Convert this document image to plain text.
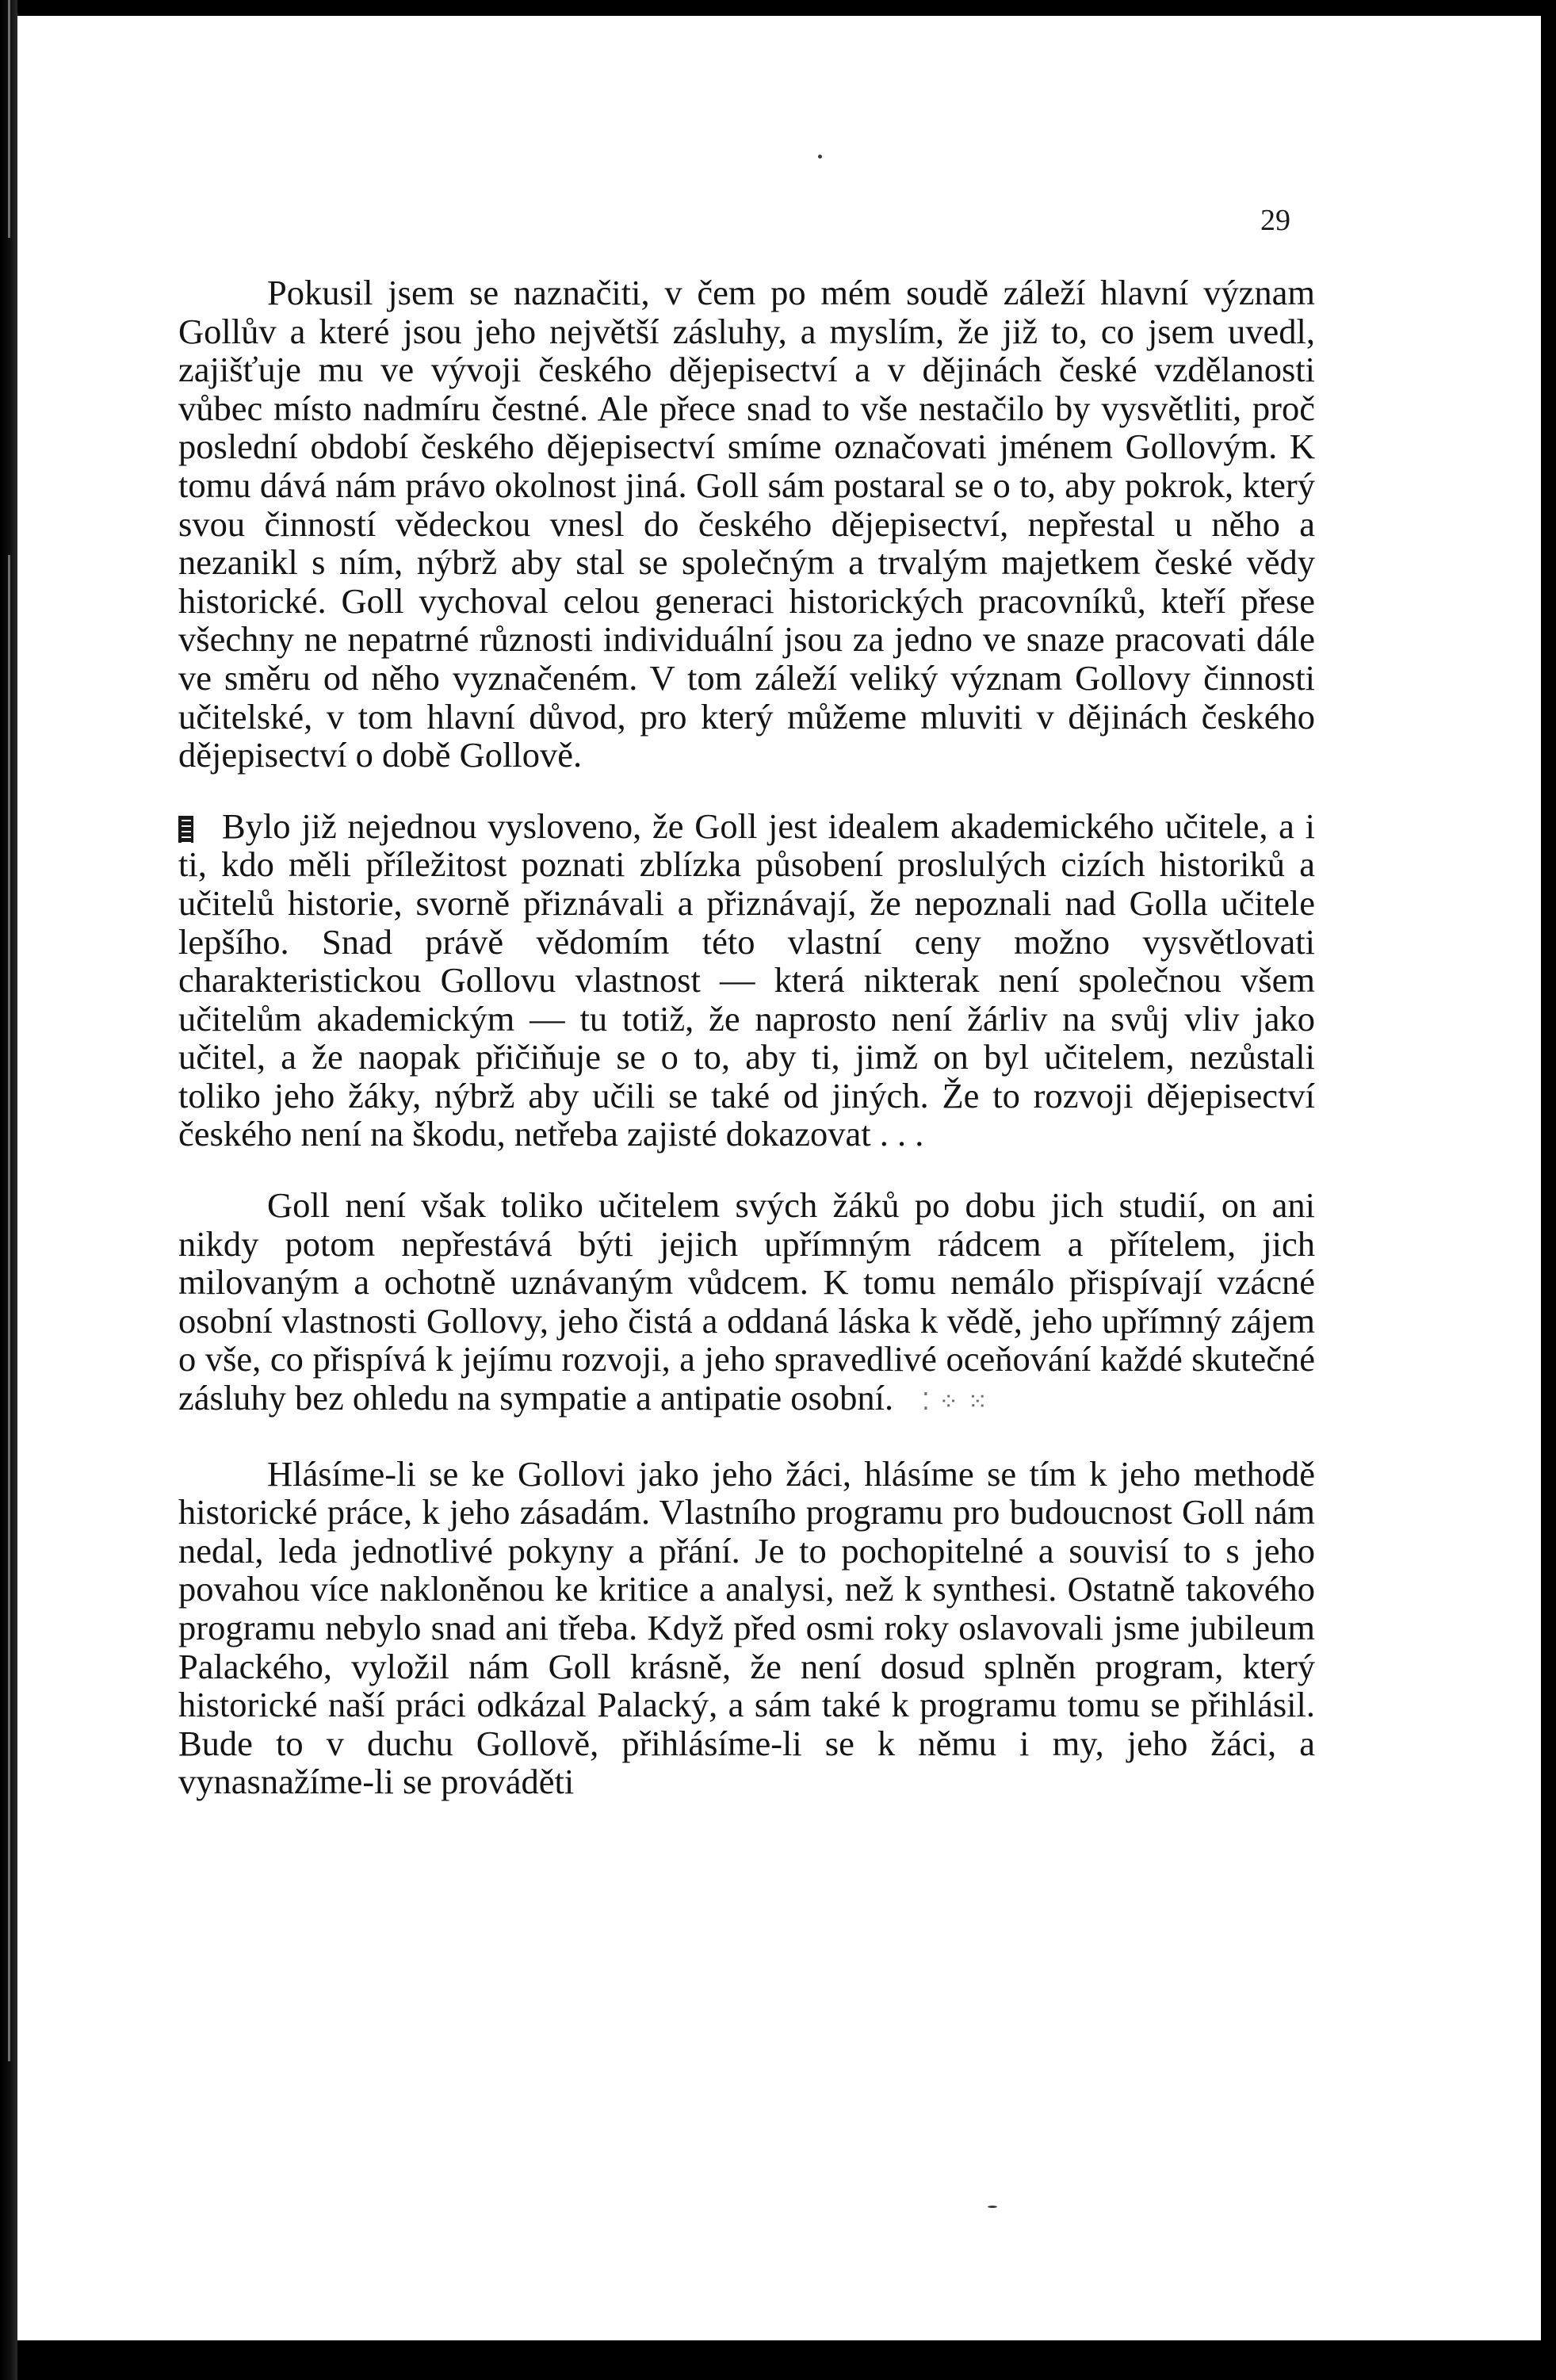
29

Pokusil jsem se naznačiti, v čem po mém soudě záleží hlavní význam Gollův a které jsou jeho největší zásluhy, a myslím, že již to, co jsem uvedl, zajišťuje mu ve vývoji českého dějepisectví a v dějinách české vzdělanosti vůbec místo nadmíru čestné. Ale přece snad to vše nestačilo by vysvětliti, proč poslední období českého dějepisectví smíme označovati jménem Gollovým. K tomu dává nám právo okolnost jiná. Goll sám postaral se o to, aby pokrok, který svou činností vědeckou vnesl do českého dějepisectví, nepřestal u něho a nezanikl s ním, nýbrž aby stal se společným a trvalým majetkem české vědy historické. Goll vychoval celou generaci historických pracovníků, kteří přese všechny ne nepatrné různosti individuální jsou za jedno ve snaze pracovati dále ve směru od něho vyznačeném. V tom záleží veliký význam Gollovy činnosti učitelské, v tom hlavní důvod, pro který můžeme mluviti v dějinách českého dějepisectví o době Gollově.

Bylo již nejednou vysloveno, že Goll jest idealem akademického učitele, a i ti, kdo měli příležitost poznati zblízka působení proslulých cizích historiků a učitelů historie, svorně přiznávali a přiznávají, že nepoznali nad Golla učitele lepšího. Snad právě vědomím této vlastní ceny možno vysvětlovati charakteristickou Gollovu vlastnost — která nikterak není společnou všem učitelům akademickým — tu totiž, že naprosto není žárliv na svůj vliv jako učitel, a že naopak přičiňuje se o to, aby ti, jimž on byl učitelem, nezůstali toliko jeho žáky, nýbrž aby učili se také od jiných. Že to rozvoji dějepisectví českého není na škodu, netřeba zajisté dokazovat . . .

Goll není však toliko učitelem svých žáků po dobu jich studií, on ani nikdy potom nepřestává býti jejich upřímným rádcem a přítelem, jich milovaným a ochotně uznávaným vůdcem. K tomu nemálo přispívají vzácné osobní vlastnosti Gollovy, jeho čistá a oddaná láska k vědě, jeho upřímný zájem o vše, co přispívá k jejímu rozvoji, a jeho spravedlivé oceňování každé skutečné zásluhy bez ohledu na sympatie a antipatie osobní. ⁚ ⁘ ⁙

Hlásíme-li se ke Gollovi jako jeho žáci, hlásíme se tím k jeho methodě historické práce, k jeho zásadám. Vlastního programu pro budoucnost Goll nám nedal, leda jednotlivé pokyny a přání. Je to pochopitelné a souvisí to s jeho povahou více nakloněnou ke kritice a analysi, než k synthesi. Ostatně takového programu nebylo snad ani třeba. Když před osmi roky oslavovali jsme jubileum Palackého, vyložil nám Goll krásně, že není dosud splněn program, který historické naší práci odkázal Palacký, a sám také k programu tomu se přihlásil. Bude to v duchu Gollově, přihlásíme-li se k němu i my, jeho žáci, a vynasnažíme-li se prováděti
